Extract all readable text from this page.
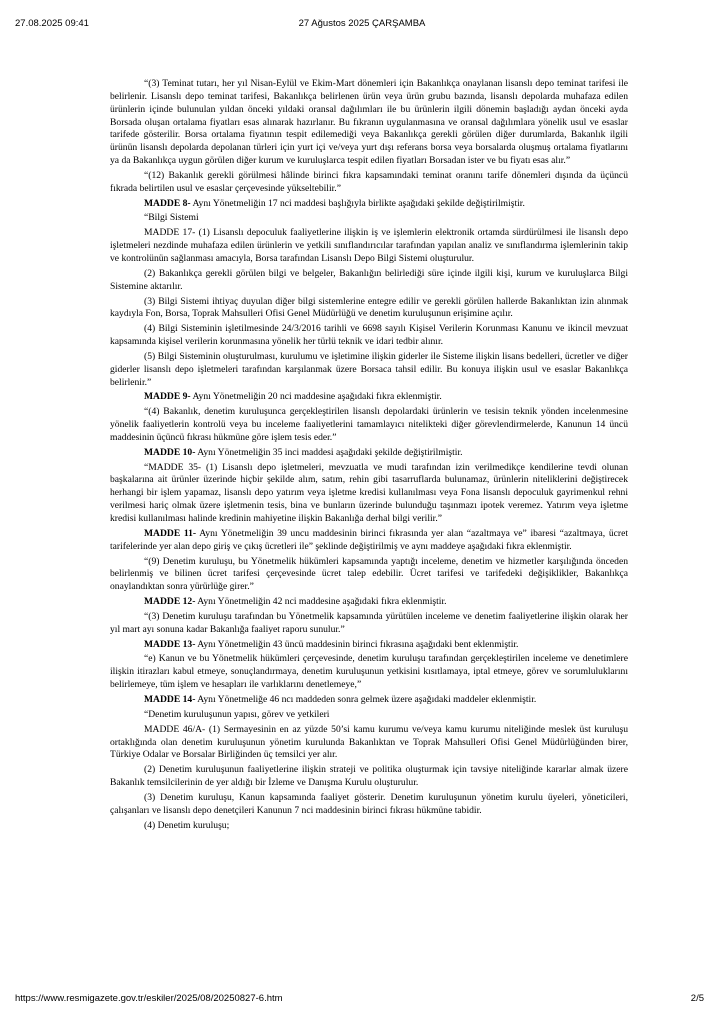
27.08.2025 09:41	27 Ağustos 2025 ÇARŞAMBA

“(3) Teminat tutarı, her yıl Nisan-Eylül ve Ekim-Mart dönemleri için Bakanlıkça onaylanan lisanslı depo teminat tarifesi ile belirlenir. Lisanslı depo teminat tarifesi, Bakanlıkça belirlenen ürün veya ürün grubu bazında, lisanslı depolarda muhafaza edilen ürünlerin içinde bulunulan yıldan önceki yıldaki oransal dağılımları ile bu ürünlerin ilgili dönemin başladığı aydan önceki ayda Borsada oluşan ortalama fiyatları esas alınarak hazırlanır. Bu fıkranın uygulanmasına ve oransal dağılımlara yönelik usul ve esaslar tarifede gösterilir. Borsa ortalama fiyatının tespit edilemediği veya Bakanlıkça gerekli görülen diğer durumlarda, Bakanlık ilgili ürünün lisanslı depolarda depolanan türleri için yurt içi ve/veya yurt dışı referans borsa veya borsalarda oluşmuş ortalama fiyatlarını ya da Bakanlıkça uygun görülen diğer kurum ve kuruluşlarca tespit edilen fiyatları Borsadan ister ve bu fiyatı esas alır.”

“(12) Bakanlık gerekli görülmesi hâlinde birinci fıkra kapsamındaki teminat oranını tarife dönemleri dışında da üçüncü fıkrada belirtilen usul ve esaslar çerçevesinde yükseltebilir.”

MADDE 8- Aynı Yönetmeliğin 17 nci maddesi başlığıyla birlikte aşağıdaki şekilde değiştirilmiştir.

“Bilgi Sistemi

MADDE 17- (1) Lisanslı depoculuk faaliyetlerine ilişkin iş ve işlemlerin elektronik ortamda sürdürülmesi ile lisanslı depo işletmeleri nezdinde muhafaza edilen ürünlerin ve yetkili sınıflandırıcılar tarafından yapılan analiz ve sınıflandırma işlemlerinin takip ve kontrolünün sağlanması amacıyla, Borsa tarafından Lisanslı Depo Bilgi Sistemi oluşturulur.

(2) Bakanlıkça gerekli görülen bilgi ve belgeler, Bakanlığın belirlediği süre içinde ilgili kişi, kurum ve kuruluşlarca Bilgi Sistemine aktarılır.

(3) Bilgi Sistemi ihtiyaç duyulan diğer bilgi sistemlerine entegre edilir ve gerekli görülen hallerde Bakanlıktan izin alınmak kaydıyla Fon, Borsa, Toprak Mahsulleri Ofisi Genel Müdürlüğü ve denetim kuruluşunun erişimine açılır.

(4) Bilgi Sisteminin işletilmesinde 24/3/2016 tarihli ve 6698 sayılı Kişisel Verilerin Korunması Kanunu ve ikincil mevzuat kapsamında kişisel verilerin korunmasına yönelik her türlü teknik ve idari tedbir alınır.

(5) Bilgi Sisteminin oluşturulması, kurulumu ve işletimine ilişkin giderler ile Sisteme ilişkin lisans bedelleri, ücretler ve diğer giderler lisanslı depo işletmeleri tarafından karşılanmak üzere Borsaca tahsil edilir. Bu konuya ilişkin usul ve esaslar Bakanlıkça belirlenir.”

MADDE 9- Aynı Yönetmeliğin 20 nci maddesine aşağıdaki fıkra eklenmiştir.

“(4) Bakanlık, denetim kuruluşunca gerçekleştirilen lisanslı depolardaki ürünlerin ve tesisin teknik yönden incelenmesine yönelik faaliyetlerin kontrolü veya bu inceleme faaliyetlerini tamamlayıcı nitelikteki diğer görevlendirmelerde, Kanunun 14 üncü maddesinin üçüncü fıkrası hükmüne göre işlem tesis eder.”

MADDE 10- Aynı Yönetmeliğin 35 inci maddesi aşağıdaki şekilde değiştirilmiştir.

“MADDE 35- (1) Lisanslı depo işletmeleri, mevzuatla ve mudi tarafından izin verilmedikçe kendilerine tevdi olunan başkalarına ait ürünler üzerinde hiçbir şekilde alım, satım, rehin gibi tasarruflarda bulunamaz, ürünlerin niteliklerini değiştirecek herhangi bir işlem yapamaz, lisanslı depo yatırım veya işletme kredisi kullanılması veya Fona lisanslı depoculuk gayrimenkul rehni verilmesi hariç olmak üzere işletmenin tesis, bina ve bunların üzerinde bulunduğu taşınmazı ipotek veremez. Yatırım veya işletme kredisi kullanılması halinde kredinin mahiyetine ilişkin Bakanlığa derhal bilgi verilir.”

MADDE 11- Aynı Yönetmeliğin 39 uncu maddesinin birinci fıkrasında yer alan “azaltmaya ve” ibaresi “azaltmaya, ücret tarifelerinde yer alan depo giriş ve çıkış ücretleri ile” şeklinde değiştirilmiş ve aynı maddeye aşağıdaki fıkra eklenmiştir.

“(9) Denetim kuruluşu, bu Yönetmelik hükümleri kapsamında yaptığı inceleme, denetim ve hizmetler karşılığında önceden belirlenmiş ve bilinen ücret tarifesi çerçevesinde ücret talep edebilir. Ücret tarifesi ve tarifedeki değişiklikler, Bakanlıkça onaylandıktan sonra yürürlüğe girer.”

MADDE 12- Aynı Yönetmeliğin 42 nci maddesine aşağıdaki fıkra eklenmiştir.

“(3) Denetim kuruluşu tarafından bu Yönetmelik kapsamında yürütülen inceleme ve denetim faaliyetlerine ilişkin olarak her yıl mart ayı sonuna kadar Bakanlığa faaliyet raporu sunulur.”

MADDE 13- Aynı Yönetmeliğin 43 üncü maddesinin birinci fıkrasına aşağıdaki bent eklenmiştir.

“e) Kanun ve bu Yönetmelik hükümleri çerçevesinde, denetim kuruluşu tarafından gerçekleştirilen inceleme ve denetimlere ilişkin itirazları kabul etmeye, sonuçlandırmaya, denetim kuruluşunun yetkisini kısıtlamaya, iptal etmeye, görev ve sorumluluklarını belirlemeye, tüm işlem ve hesapları ile varlıklarını denetlemeye,”

MADDE 14- Aynı Yönetmeliğe 46 ncı maddeden sonra gelmek üzere aşağıdaki maddeler eklenmiştir.

“Denetim kuruluşunun yapısı, görev ve yetkileri

MADDE 46/A- (1) Sermayesinin en az yüzde 50’si kamu kurumu ve/veya kamu kurumu niteliğinde meslek üst kuruluşu ortaklığında olan denetim kuruluşunun yönetim kurulunda Bakanlıktan ve Toprak Mahsulleri Ofisi Genel Müdürlüğünden birer, Türkiye Odalar ve Borsalar Birliğinden üç temsilci yer alır.

(2) Denetim kuruluşunun faaliyetlerine ilişkin strateji ve politika oluşturmak için tavsiye niteliğinde kararlar almak üzere Bakanlık temsilcilerinin de yer aldığı bir İzleme ve Danışma Kurulu oluşturulur.

(3) Denetim kuruluşu, Kanun kapsamında faaliyet gösterir. Denetim kuruluşunun yönetim kurulu üyeleri, yöneticileri, çalışanları ve lisanslı depo denetçileri Kanunun 7 nci maddesinin birinci fıkrası hükmüne tabidir.

(4) Denetim kuruluşu;

https://www.resmigazete.gov.tr/eskiler/2025/08/20250827-6.htm	2/5
